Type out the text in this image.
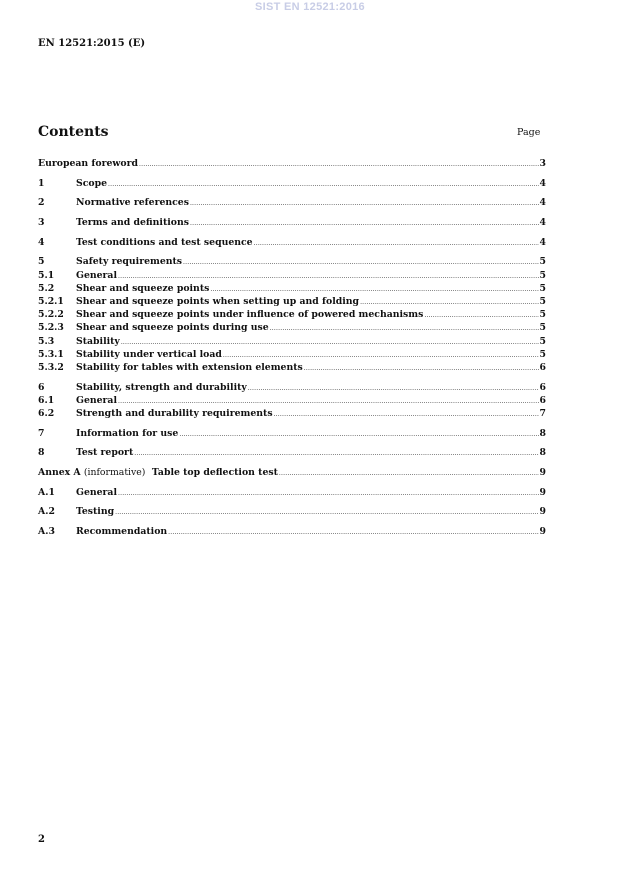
SIST EN 12521:2016
EN 12521:2015 (E)
Contents	Page
European foreword .....	3
1	Scope .....	4
2	Normative references .....	4
3	Terms and definitions .....	4
4	Test conditions and test sequence .....	4
5	Safety requirements .....	5
5.1	General .....	5
5.2	Shear and squeeze points .....	5
5.2.1	Shear and squeeze points when setting up and folding .....	5
5.2.2	Shear and squeeze points under influence of powered mechanisms .....	5
5.2.3	Shear and squeeze points during use .....	5
5.3	Stability .....	5
5.3.1	Stability under vertical load .....	5
5.3.2	Stability for tables with extension elements .....	6
6	Stability, strength and durability .....	6
6.1	General .....	6
6.2	Strength and durability requirements .....	7
7	Information for use .....	8
8	Test report .....	8
Annex A (informative) Table top deflection test .....	9
A.1	General .....	9
A.2	Testing .....	9
A.3	Recommendation .....	9
2
